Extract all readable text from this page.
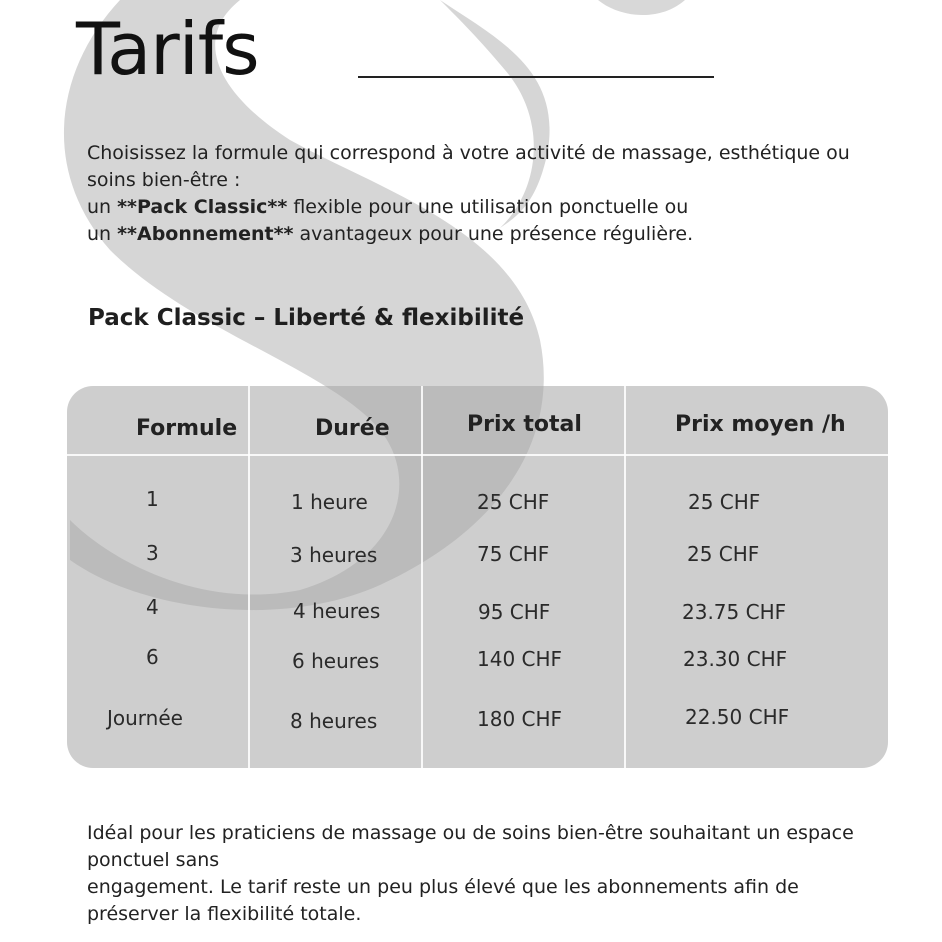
Tarifs

Choisissez la formule qui correspond à votre activité de massage, esthétique ou

soins bien-être :

un **Pack Classic** flexible pour une utilisation ponctuelle ou

un **Abonnement** avantageux pour une présence régulière.

Pack Classic – Liberté & flexibilité
Formule	Durée	Prix total	Prix moyen /h
1	1 heure	25 CHF	25 CHF
3	3 heures	75 CHF	25 CHF
4	4 heures	95 CHF	23.75 CHF
6	6 heures	140 CHF	23.30 CHF
Journée	8 heures	180 CHF	22.50 CHF

Idéal pour les praticiens de massage ou de soins bien-être souhaitant un espace

ponctuel sans

engagement. Le tarif reste un peu plus élevé que les abonnements afin de

préserver la flexibilité totale.
